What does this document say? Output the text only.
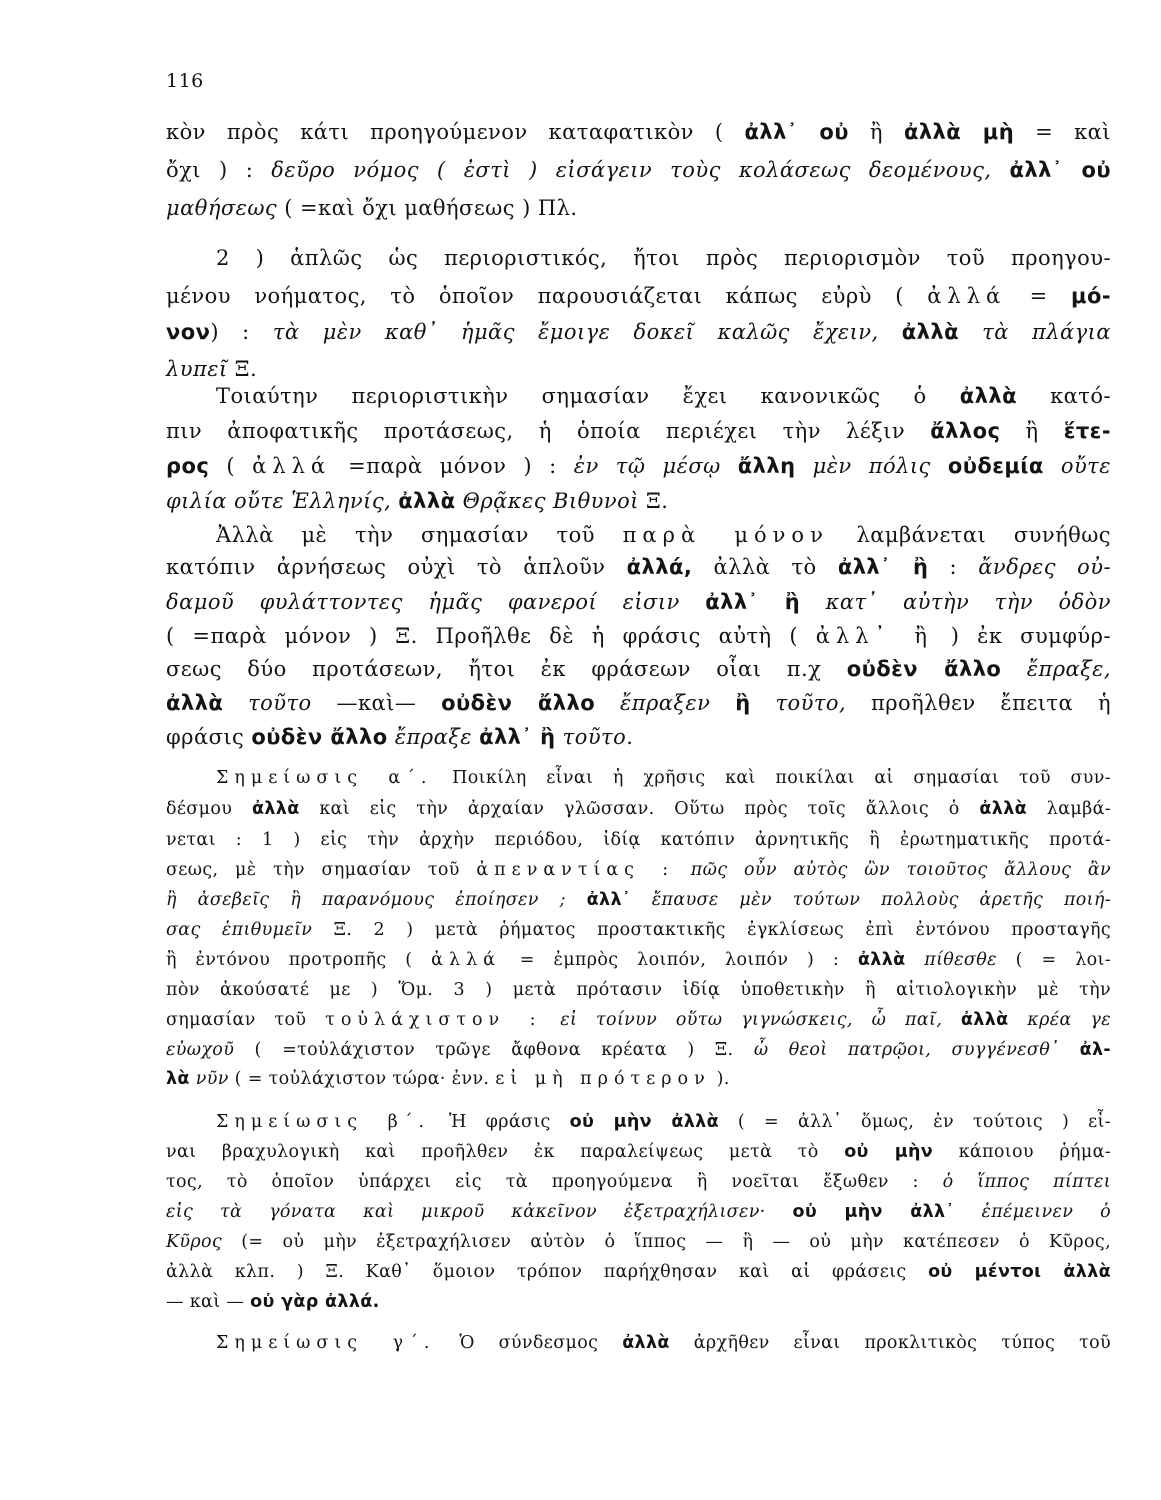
116
κὸν πρὸς κάτι προηγούμενον καταφατικὸν ( ἀλλ᾽ οὐ ἢ ἀλλὰ μὴ = καὶ
ὄχι ) : δεῦρο νόμος ( ἐστὶ ) εἰσάγειν τοὺς κολάσεως δεομένους, ἀλλ᾽ οὐ
μαθήσεως ( =καὶ ὄχι μαθήσεως ) Πλ.
2 ) ἁπλῶς ὡς περιοριστικός, ἤτοι πρὸς περιορισμὸν τοῦ προηγου-
μένου νοήματος, τὸ ὁποῖον παρουσιάζεται κάπως εὐρὺ ( ἀλλά = μό-
νον) : τὰ μὲν καθ᾽ ἡμᾶς ἔμοιγε δοκεῖ καλῶς ἔχειν, ἀλλὰ τὰ πλάγια
λυπεῖ Ξ.
Τοιαύτην περιοριστικὴν σημασίαν ἔχει κανονικῶς ὁ ἀλλὰ κατό-
πιν ἀποφατικῆς προτάσεως, ἡ ὁποία περιέχει τὴν λέξιν ἄλλος ἢ ἕτε-
ρος ( ἀλλά =παρὰ μόνον ) : ἐν τῷ μέσῳ ἄλλη μὲν πόλις οὐδεμία οὔτε
φιλία οὔτε Ἑλληνίς, ἀλλὰ Θρᾷκες Βιθυνοὶ Ξ.
Ἀλλὰ μὲ τὴν σημασίαν τοῦ παρὰ μόνον λαμβάνεται συνήθως
κατόπιν ἀρνήσεως οὐχὶ τὸ ἁπλοῦν ἀλλά, ἀλλὰ τὸ ἀλλ᾽ ἢ : ἄνδρες οὐ-
δαμοῦ φυλάττοντες ἡμᾶς φανεροί εἰσιν ἀλλ᾽ ἢ κατ᾽ αὐτὴν τὴν ὁδὸν
( =παρὰ μόνον ) Ξ. Προῆλθε δὲ ἡ φράσις αὐτὴ ( ἀλλ᾽ ἢ ) ἐκ συμφύρ-
σεως δύο προτάσεων, ἤτοι ἐκ φράσεων οἷαι π.χ οὐδὲν ἄλλο ἔπραξε,
ἀλλὰ τοῦτο —καὶ— οὐδὲν ἄλλο ἔπραξεν ἢ τοῦτο, προῆλθεν ἔπειτα ἡ
φράσις οὐδὲν ἄλλο ἔπραξε ἀλλ᾽ ἢ τοῦτο.
Σημείωσις α΄. Ποικίλη εἶναι ἡ χρῆσις καὶ ποικίλαι αἱ σημασίαι τοῦ συν-
δέσμου ἀλλὰ καὶ εἰς τὴν ἀρχαίαν γλῶσσαν. Οὕτω πρὸς τοῖς ἄλλοις ὁ ἀλλὰ λαμβά-
νεται : 1 ) εἰς τὴν ἀρχὴν περιόδου, ἰδίᾳ κατόπιν ἀρνητικῆς ἢ ἐρωτηματικῆς προτά-
σεως, μὲ τὴν σημασίαν τοῦ ἀπεναντίας : πῶς οὖν αὐτὸς ὢν τοιοῦτος ἄλλους ἂν
ἢ ἀσεβεῖς ἢ παρανόμους ἐποίησεν ; ἀλλ᾽ ἔπαυσε μὲν τούτων πολλοὺς ἀρετῆς ποιή-
σας ἐπιθυμεῖν Ξ. 2 ) μετὰ ῥήματος προστακτικῆς ἐγκλίσεως ἐπὶ ἐντόνου προσταγῆς
ἢ ἐντόνου προτροπῆς ( ἀλλά = ἐμπρὸς λοιπόν, λοιπόν ) : ἀλλὰ πίθεσθε ( = λοι-
πὸν ἀκούσατέ με ) Ὅμ. 3 ) μετὰ πρότασιν ἰδίᾳ ὑποθετικὴν ἢ αἰτιολογικὴν μὲ τὴν
σημασίαν τοῦ τοὐλάχιστον : εἰ τοίνυν οὕτω γιγνώσκεις, ὦ παῖ, ἀλλὰ κρέα γε
εὐωχοῦ ( =τοὐλάχιστον τρῶγε ἄφθονα κρέατα ) Ξ. ὦ θεοὶ πατρῷοι, συγγένεσθ᾽ ἀλ-
λὰ νῦν ( = τοὐλάχιστον τώρα· ἐνν. εἰ μὴ πρότερον ).
Σημείωσις β΄. Ἡ φράσις οὐ μὴν ἀλλὰ ( = ἀλλ᾽ ὅμως, ἐν τούτοις ) εἶ-
ναι βραχυλογικὴ καὶ προῆλθεν ἐκ παραλείψεως μετὰ τὸ οὐ μὴν κάποιου ῥήμα-
τος, τὸ ὁποῖον ὑπάρχει εἰς τὰ προηγούμενα ἢ νοεῖται ἔξωθεν : ὁ ἵππος πίπτει
εἰς τὰ γόνατα καὶ μικροῦ κἀκεῖνον ἐξετραχήλισεν· οὐ μὴν ἀλλ᾽ ἐπέμεινεν ὁ
Κῦρος (= οὐ μὴν ἐξετραχήλισεν αὐτὸν ὁ ἵππος — ἢ — οὐ μὴν κατέπεσεν ὁ Κῦρος,
ἀλλὰ κλπ. ) Ξ. Καθ᾽ ὅμοιον τρόπον παρήχθησαν καὶ αἱ φράσεις οὐ μέντοι ἀλλὰ
— καὶ — οὐ γὰρ ἀλλά.
Σημείωσις γ΄. Ὁ σύνδεσμος ἀλλὰ ἀρχῆθεν εἶναι προκλιτικὸς τύπος τοῦ
